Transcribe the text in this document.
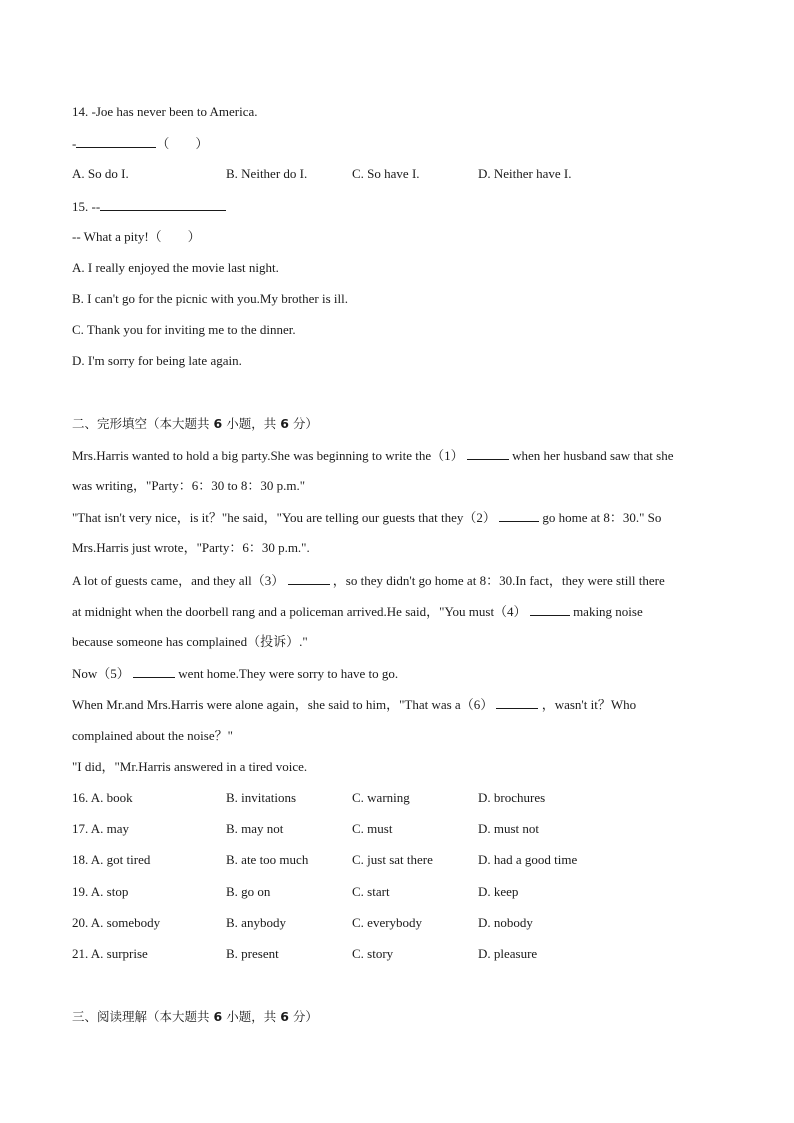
14. -Joe has never been to America.
-	（　　）
A. So do I.	B. Neither do I.	C. So have I.	D. Neither have I.
15. --
-- What a pity!（　　）
A. I really enjoyed the movie last night.
B. I can't go for the picnic with you.My brother is ill.
C. Thank you for inviting me to the dinner.
D. I'm sorry for being late again.
二、完形填空（本大题共 6 小题，共 6 分）
Mrs.Harris wanted to hold a big party.She was beginning to write the（1）	when her husband saw that she
was writing，"Party：6：30 to 8：30 p.m."
"That isn't very nice，is it？"he said，"You are telling our guests that they（2）	go home at 8：30." So
Mrs.Harris just wrote，"Party：6：30 p.m.".
A lot of guests came，and they all（3）	，so they didn't go home at 8：30.In fact，they were still there
at midnight when the doorbell rang and a policeman arrived.He said，"You must（4）	making noise
because someone has complained（投诉）."
Now（5）	went home.They were sorry to have to go.
When Mr.and Mrs.Harris were alone again，she said to him，"That was a（6）	，wasn't it？Who
complained about the noise？"
"I did，"Mr.Harris answered in a tired voice.
16. A. book	B. invitations	C. warning	D. brochures
17. A. may	B. may not	C. must	D. must not
18. A. got tired	B. ate too much	C. just sat there	D. had a good time
19. A. stop	B. go on	C. start	D. keep
20. A. somebody	B. anybody	C. everybody	D. nobody
21. A. surprise	B. present	C. story	D. pleasure
三、阅读理解（本大题共 6 小题，共 6 分）
